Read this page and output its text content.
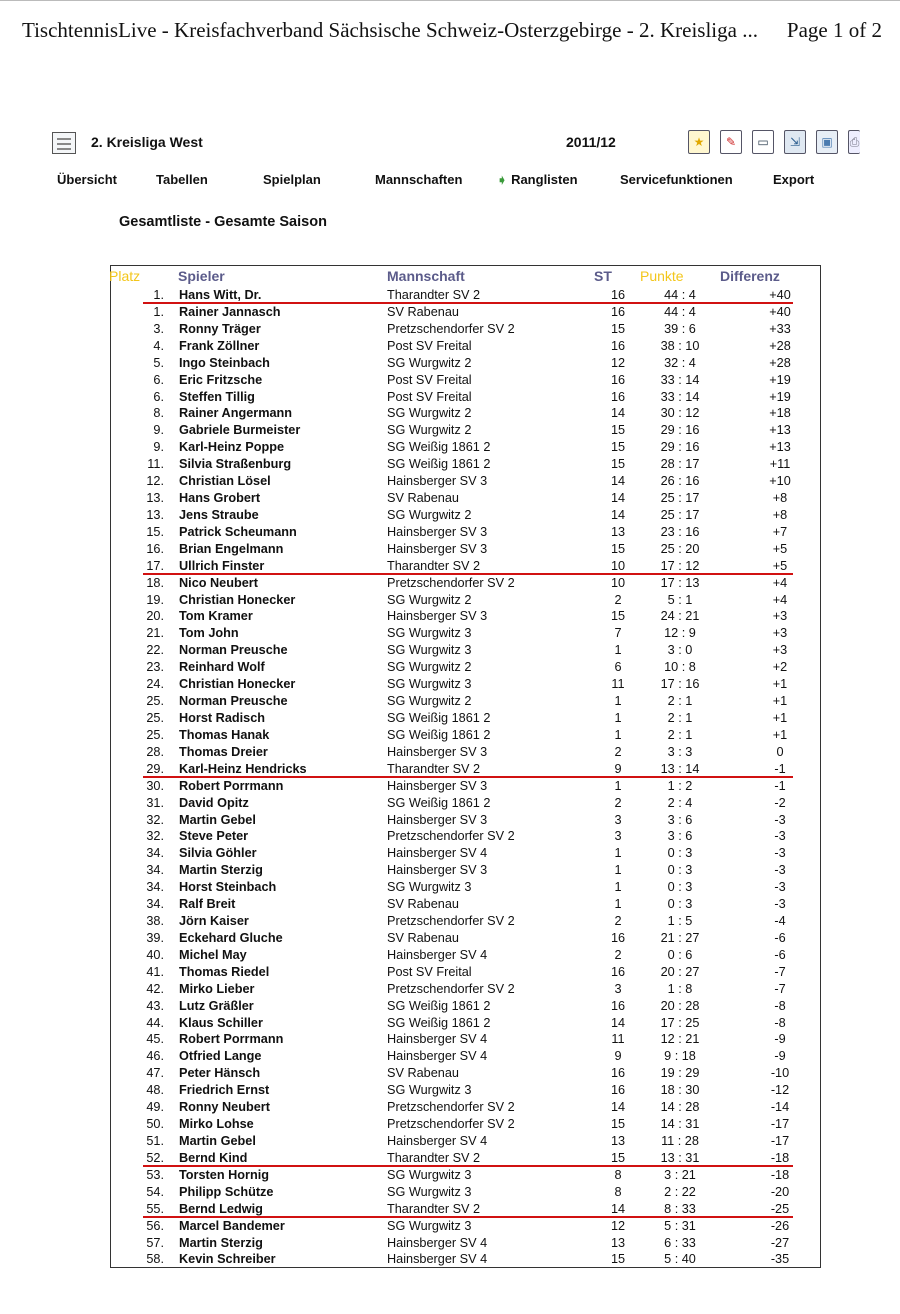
TischtennisLive - Kreisfachverband Sächsische Schweiz-Osterzgebirge - 2. Kreisliga ... Page 1 of 2
2. Kreisliga West	2011/12	★	✎	▭	⇲	▣	⎙
Übersicht	Tabellen	Spielplan	Mannschaften	➧ Ranglisten	Servicefunktionen	Export
Gesamtliste - Gesamte Saison
Platz	Spieler	Mannschaft	ST Punkte	Differenz
1. Hans Witt, Dr.	Tharandter SV 2	16	44 : 4	+40
1. Rainer Jannasch	SV Rabenau	16	44 : 4	+40
3. Ronny Träger	Pretzschendorfer SV 2	15	39 : 6	+33
4. Frank Zöllner	Post SV Freital	16	38 : 10	+28
5. Ingo Steinbach	SG Wurgwitz 2	12	32 : 4	+28
6. Eric Fritzsche	Post SV Freital	16	33 : 14	+19
6. Steffen Tillig	Post SV Freital	16	33 : 14	+19
8. Rainer Angermann	SG Wurgwitz 2	14	30 : 12	+18
9. Gabriele Burmeister	SG Wurgwitz 2	15	29 : 16	+13
9. Karl-Heinz Poppe	SG Weißig 1861 2	15	29 : 16	+13
11. Silvia Straßenburg	SG Weißig 1861 2	15	28 : 17	+11
12. Christian Lösel	Hainsberger SV 3	14	26 : 16	+10
13. Hans Grobert	SV Rabenau	14	25 : 17	+8
13. Jens Straube	SG Wurgwitz 2	14	25 : 17	+8
15. Patrick Scheumann	Hainsberger SV 3	13	23 : 16	+7
16. Brian Engelmann	Hainsberger SV 3	15	25 : 20	+5
17. Ullrich Finster	Tharandter SV 2	10	17 : 12	+5
18. Nico Neubert	Pretzschendorfer SV 2	10	17 : 13	+4
19. Christian Honecker	SG Wurgwitz 2	2	5 : 1	+4
20. Tom Kramer	Hainsberger SV 3	15	24 : 21	+3
21. Tom John	SG Wurgwitz 3	7	12 : 9	+3
22. Norman Preusche	SG Wurgwitz 3	1	3 : 0	+3
23. Reinhard Wolf	SG Wurgwitz 2	6	10 : 8	+2
24. Christian Honecker	SG Wurgwitz 3	11	17 : 16	+1
25. Norman Preusche	SG Wurgwitz 2	1	2 : 1	+1
25. Horst Radisch	SG Weißig 1861 2	1	2 : 1	+1
25. Thomas Hanak	SG Weißig 1861 2	1	2 : 1	+1
28. Thomas Dreier	Hainsberger SV 3	2	3 : 3	0
29. Karl-Heinz Hendricks	Tharandter SV 2	9	13 : 14	-1
30. Robert Porrmann	Hainsberger SV 3	1	1 : 2	-1
31. David Opitz	SG Weißig 1861 2	2	2 : 4	-2
32. Martin Gebel	Hainsberger SV 3	3	3 : 6	-3
32. Steve Peter	Pretzschendorfer SV 2	3	3 : 6	-3
34. Silvia Göhler	Hainsberger SV 4	1	0 : 3	-3
34. Martin Sterzig	Hainsberger SV 3	1	0 : 3	-3
34. Horst Steinbach	SG Wurgwitz 3	1	0 : 3	-3
34. Ralf Breit	SV Rabenau	1	0 : 3	-3
38. Jörn Kaiser	Pretzschendorfer SV 2	2	1 : 5	-4
39. Eckehard Gluche	SV Rabenau	16	21 : 27	-6
40. Michel May	Hainsberger SV 4	2	0 : 6	-6
41. Thomas Riedel	Post SV Freital	16	20 : 27	-7
42. Mirko Lieber	Pretzschendorfer SV 2	3	1 : 8	-7
43. Lutz Gräßler	SG Weißig 1861 2	16	20 : 28	-8
44. Klaus Schiller	SG Weißig 1861 2	14	17 : 25	-8
45. Robert Porrmann	Hainsberger SV 4	11	12 : 21	-9
46. Otfried Lange	Hainsberger SV 4	9	9 : 18	-9
47. Peter Hänsch	SV Rabenau	16	19 : 29	-10
48. Friedrich Ernst	SG Wurgwitz 3	16	18 : 30	-12
49. Ronny Neubert	Pretzschendorfer SV 2	14	14 : 28	-14
50. Mirko Lohse	Pretzschendorfer SV 2	15	14 : 31	-17
51. Martin Gebel	Hainsberger SV 4	13	11 : 28	-17
52. Bernd Kind	Tharandter SV 2	15	13 : 31	-18
53. Torsten Hornig	SG Wurgwitz 3	8	3 : 21	-18
54. Philipp Schütze	SG Wurgwitz 3	8	2 : 22	-20
55. Bernd Ledwig	Tharandter SV 2	14	8 : 33	-25
56. Marcel Bandemer	SG Wurgwitz 3	12	5 : 31	-26
57. Martin Sterzig	Hainsberger SV 4	13	6 : 33	-27
58. Kevin Schreiber	Hainsberger SV 4	15	5 : 40	-35
